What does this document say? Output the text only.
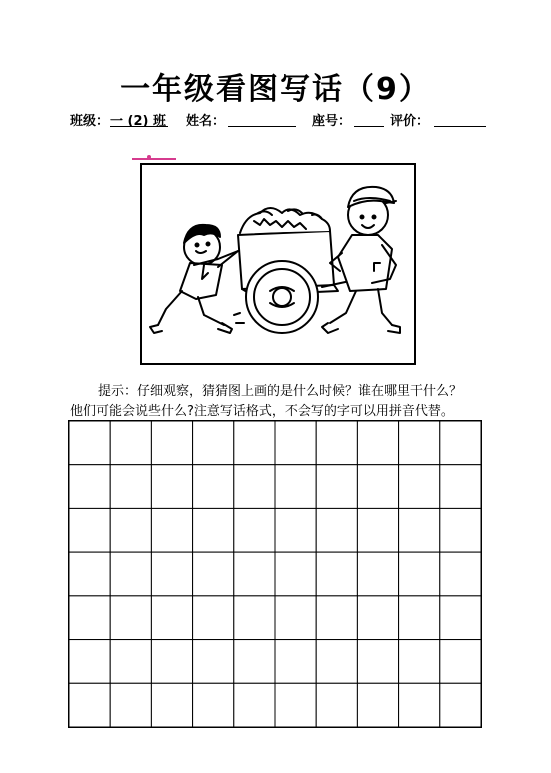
一年级看图写话（9）
班级： 一 (2) 班 姓名：	座号：	评价：
提示：仔细观察，猜猜图上画的是什么时候？谁在哪里干什么？
他们可能会说些什么?注意写话格式，不会写的字可以用拼音代替。
